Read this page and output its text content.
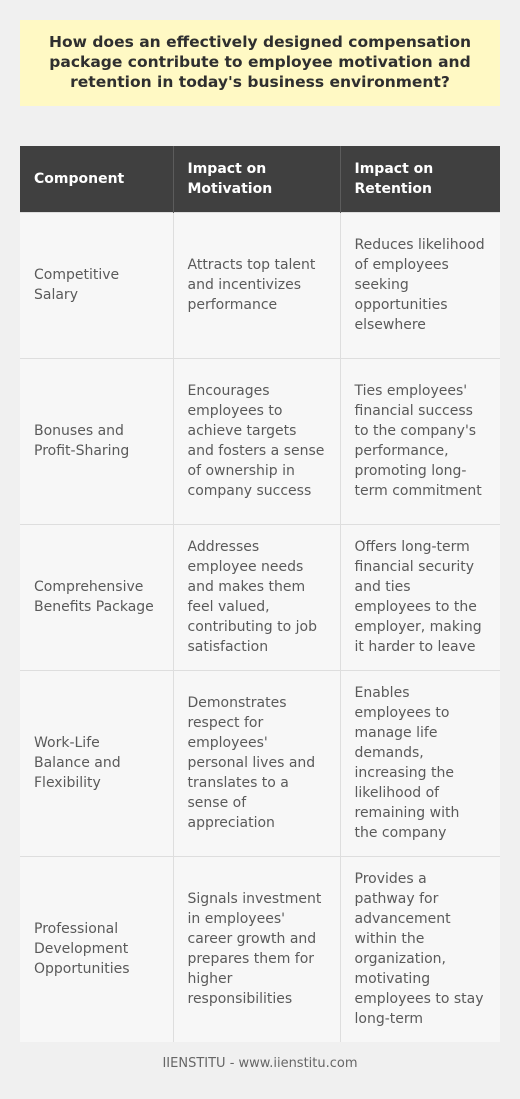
How does an effectively designed compensation package contribute to employee motivation and retention in today's business environment?

Component	Impact on Motivation	Impact on Retention
Competitive Salary	Attracts top talent and incentivizes performance	Reduces likelihood of employees seeking opportunities elsewhere
Bonuses and Profit-Sharing	Encourages employees to achieve targets and fosters a sense of ownership in company success	Ties employees' financial success to the company's performance, promoting long-term commitment
Comprehensive Benefits Package	Addresses employee needs and makes them feel valued, contributing to job satisfaction	Offers long-term financial security and ties employees to the employer, making it harder to leave
Work-Life Balance and Flexibility	Demonstrates respect for employees' personal lives and translates to a sense of appreciation	Enables employees to manage life demands, increasing the likelihood of remaining with the company
Professional Development Opportunities	Signals investment in employees' career growth and prepares them for higher responsibilities	Provides a pathway for advancement within the organization, motivating employees to stay long-term
IIENSTITU - www.iienstitu.com
